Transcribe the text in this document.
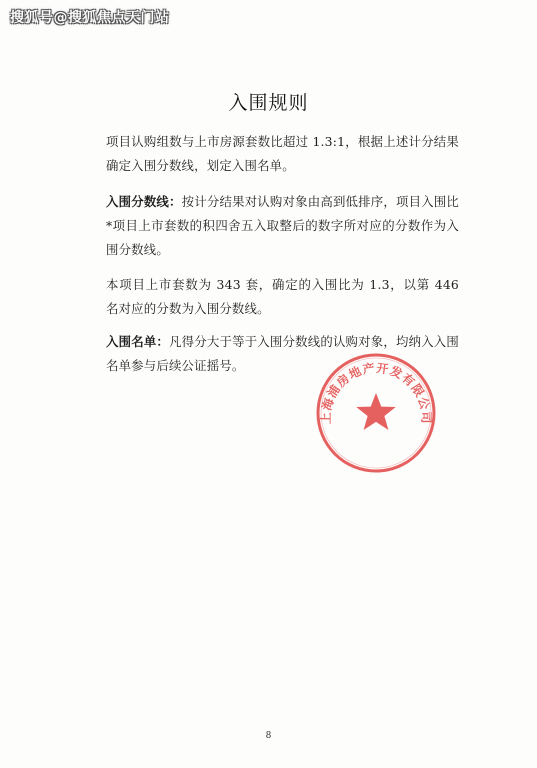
搜狐号@搜狐焦点天门站
入围规则
项目认购组数与上市房源套数比超过 1.3:1，根据上述计分结果确定入围分数线，划定入围名单。
入围分数线：按计分结果对认购对象由高到低排序，项目入围比*项目上市套数的积四舍五入取整后的数字所对应的分数作为入围分数线。
本项目上市套数为 343 套，确定的入围比为 1.3，以第 446 名对应的分数为入围分数线。
入围名单：凡得分大于等于入围分数线的认购对象，均纳入入围名单参与后续公证摇号。
上海浦房地产开发有限公司
8
